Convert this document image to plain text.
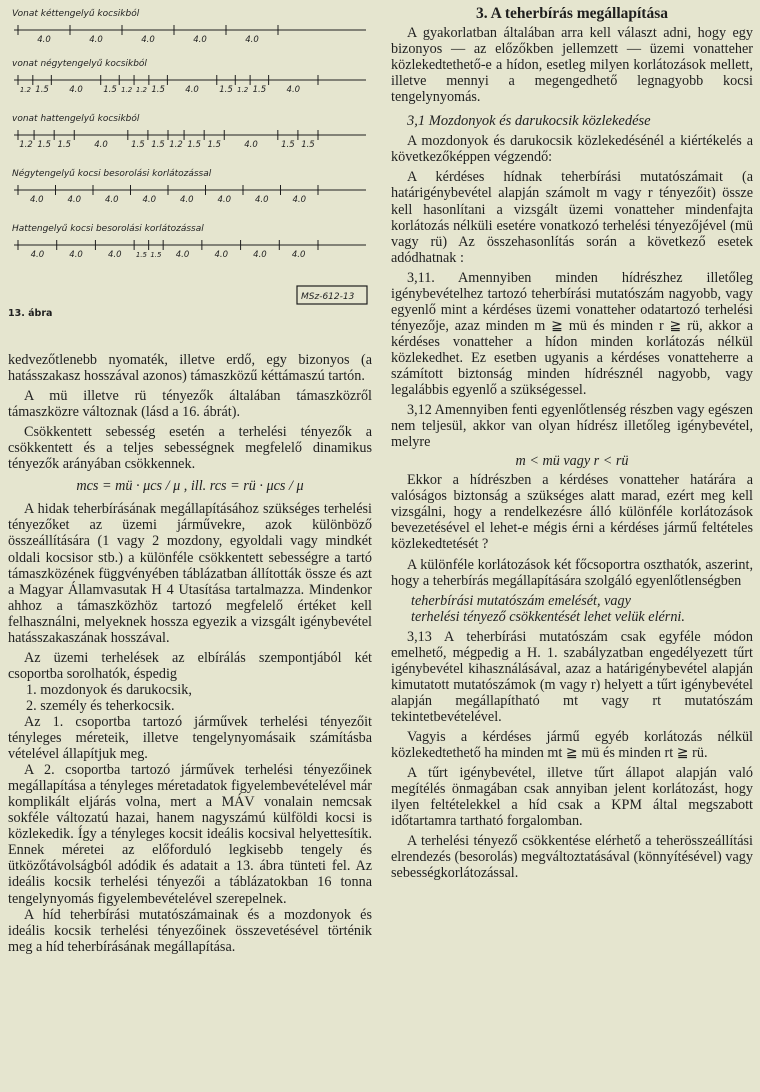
Vonat kéttengelyű kocsikból
4.0	4.0	4.0	4.0	4.0
vonat négytengelyű kocsikból
1.2 1.5 4.0 1.5 1.2 1.2 1.5 4.0 1.5 1.2 1.5 4.0
vonat hattengelyű kocsikból
1.2 1.5 1.5	4.0	1.5 1.5 1.2 1.5 1.5	4.0	1.5 1.5
Négytengelyű kocsi besorolási korlátozással
4.0	4.0	4.0	4.0	4.0	4.0	4.0	4.0
Hattengelyű kocsi besorolási korlátozással
4.0	4.0	4.0 1.5 1.5 4.0	4.0	4.0	4.0
MSz-612-13
13. ábra

kedvezőtlenebb nyomaték, illetve erdő, egy bizonyos (a hatásszakasz hosszával azonos) támaszközű kéttámaszú tartón.

A mü illetve rü tényezők általában támaszközről támaszközre változnak (lásd a 16. ábrát).

Csökkentett sebesség esetén a terhelési tényezők a csökkentett és a teljes sebességnek megfelelő dinamikus tényezők arányában csökkennek.

mcs = mü · μcs / μ , ill. rcs = rü · μcs / μ

A hidak teherbírásának megállapításához szükséges terhelési tényezőket az üzemi járművekre, azok különböző összeállítására (1 vagy 2 mozdony, egyoldali vagy mindkét oldali kocsisor stb.) a különféle csökkentett sebességre a tartó támaszközének függvényében táblázatban állították össze és azt a Magyar Államvasutak H 4 Utasítása tartalmazza. Mindenkor ahhoz a támaszközhöz tartozó megfelelő értéket kell felhasználni, melyeknek hossza egyezik a vizsgált igénybevétel hatásszakaszának hosszával.

Az üzemi terhelések az elbírálás szempontjából két csoportba sorolhatók, éspedig

1. mozdonyok és darukocsik,

2. személy és teherkocsik.

Az 1. csoportba tartozó járművek terhelési tényezőit tényleges méreteik, illetve tengelynyomásaik számításba vételével állapítjuk meg.

A 2. csoportba tartozó járművek terhelési tényezőinek megállapítása a tényleges méretadatok figyelembevételével már komplikált eljárás volna, mert a MÁV vonalain nemcsak sokféle változatú hazai, hanem nagyszámú külföldi kocsi is közlekedik. Így a tényleges kocsit ideális kocsival helyettesítik. Ennek méretei az előforduló legkisebb tengely és ütközőtávolságból adódik és adatait a 13. ábra tünteti fel. Az ideális kocsik terhelési tényezői a táblázatokban 16 tonna tengelynyomás figyelembevételével szerepelnek.

A híd teherbírási mutatószámainak és a mozdonyok és ideális kocsik terhelési tényezőinek összevetésével történik meg a híd teherbírásának megállapítása.

3. A teherbírás megállapítása

A gyakorlatban általában arra kell választ adni, hogy egy bizonyos — az előzőkben jellemzett — üzemi vonatteher közlekedtethető-e a hídon, esetleg milyen korlátozások mellett, illetve mennyi a megengedhető legnagyobb kocsi tengelynyomás.

3,1 Mozdonyok és darukocsik közlekedése

A mozdonyok és darukocsik közlekedésénél a kiértékelés a következőképpen végzendő:

A kérdéses hídnak teherbírási mutatószámait (a határigénybevétel alapján számolt m vagy r tényezőit) össze kell hasonlítani a vizsgált üzemi vonatteher mindenfajta korlátozás nélküli esetére vonatkozó terhelési tényezőjével (mü vagy rü) Az összehasonlítás során a következő esetek adódhatnak :

3,11. Amennyiben minden hídrészhez illetőleg igénybevételhez tartozó teherbírási mutatószám nagyobb, vagy egyenlő mint a kérdéses üzemi vonatteher odatartozó terhelési tényezője, azaz minden m ≧ mü és minden r ≧ rü, akkor a kérdéses vonatteher a hídon minden korlátozás nélkül közlekedhet. Ez esetben ugyanis a kérdéses vonatteherre a számított biztonság minden hídrésznél nagyobb, vagy legalábbis egyenlő a szükségessel.

3,12 Amennyiben fenti egyenlőtlenség részben vagy egészen nem teljesül, akkor van olyan hídrész illetőleg igénybevétel, melyre

m < mü vagy r < rü

Ekkor a hídrészben a kérdéses vonatteher határára a valóságos biztonság a szükséges alatt marad, ezért meg kell vizsgálni, hogy a rendelkezésre álló különféle korlátozások bevezetésével el lehet-e mégis érni a kérdéses jármű feltételes közlekedtetését ?

A különféle korlátozások két főcsoportra oszthatók, aszerint, hogy a teherbírás megállapítására szolgáló egyenlőtlenségben

teherbírási mutatószám emelését, vagy

terhelési tényező csökkentését lehet velük elérni.

3,13 A teherbírási mutatószám csak egyféle módon emelhető, mégpedig a H. 1. szabályzatban engedélyezett tűrt igénybevétel kihasználásával, azaz a határigénybevétel alapján kimutatott mutatószámok (m vagy r) helyett a tűrt igénybevétel alapján megállapítható mt vagy rt mutatószám tekintetbevételével.

Vagyis a kérdéses jármű egyéb korlátozás nélkül közlekedtethető ha minden mt ≧ mü és minden rt ≧ rü.

A tűrt igénybevétel, illetve tűrt állapot alapján való megítélés önmagában csak annyiban jelent korlátozást, hogy ilyen feltételekkel a híd csak a KPM által megszabott időtartamra tartható forgalomban.

A terhelési tényező csökkentése elérhető a teherösszeállítási elrendezés (besorolás) megváltoztatásával (könnyítésével) vagy sebességkorlátozással.
